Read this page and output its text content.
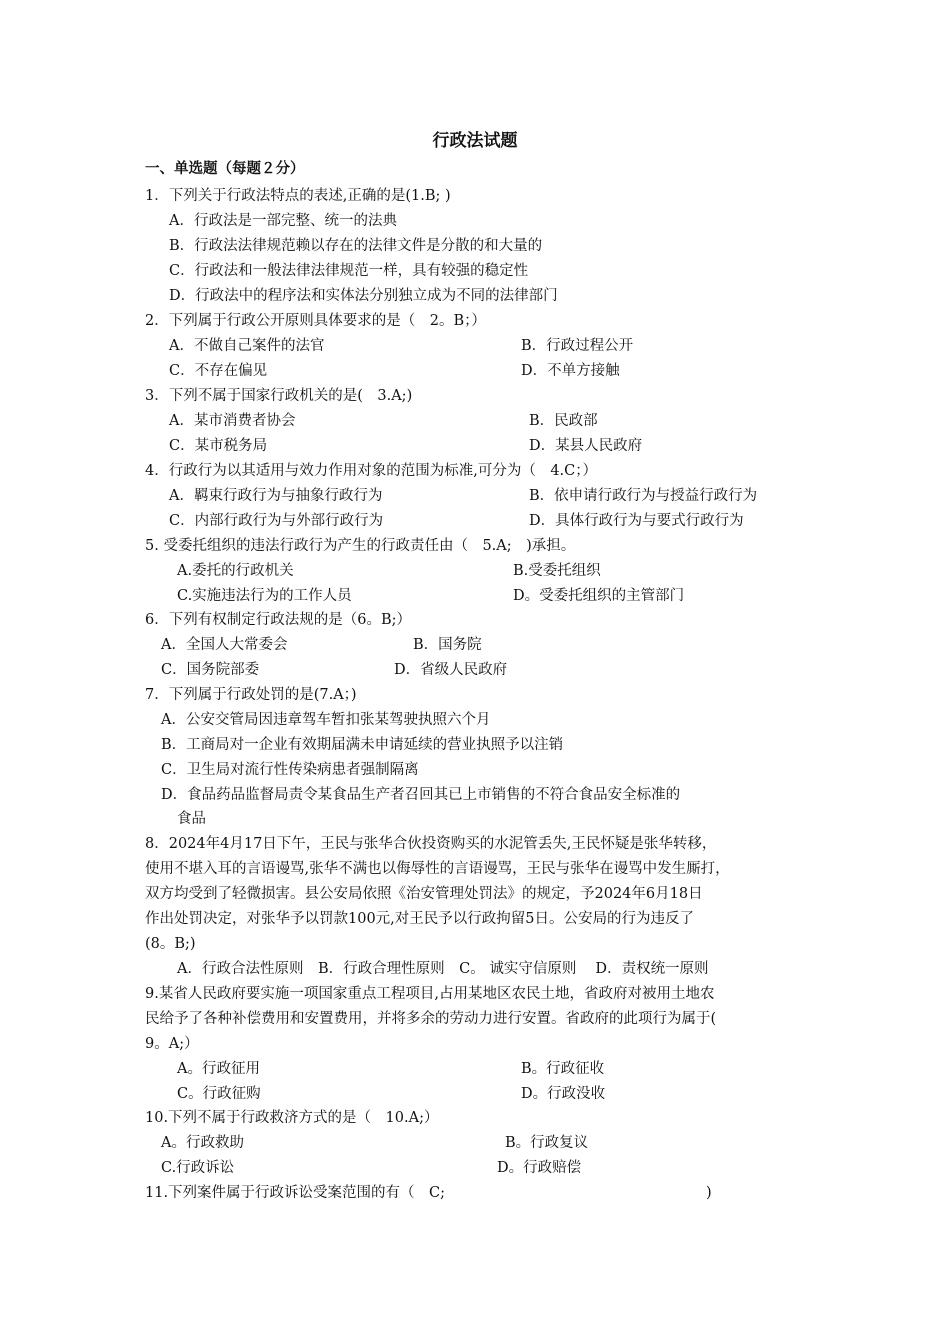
行政法试题
一、单选题（每题２分）
1．下列关于行政法特点的表述,正确的是(1.B; )
A．行政法是一部完整、统一的法典
B．行政法法律规范赖以存在的法律文件是分散的和大量的
C．行政法和一般法律法律规范一样，具有较强的稳定性
D．行政法中的程序法和实体法分别独立成为不同的法律部门
2．下列属于行政公开原则具体要求的是（　2。B；）
A．不做自己案件的法官	B．行政过程公开
C．不存在偏见	D．不单方接触
3．下列不属于国家行政机关的是(　3.A;)
A．某市消费者协会	B．民政部
C．某市税务局	D．某县人民政府
4．行政行为以其适用与效力作用对象的范围为标准,可分为（　4.C；）
A．羁束行政行为与抽象行政行为	B．依申请行政行为与授益行政行为
C．内部行政行为与外部行政行为	D．具体行政行为与要式行政行为
5. 受委托组织的违法行政行为产生的行政责任由（　5.A;　)承担。
A.委托的行政机关	B.受委托组织
C.实施违法行为的工作人员	D。受委托组织的主管部门
6．下列有权制定行政法规的是（6。B;）
A．全国人大常委会	B．国务院
C．国务院部委	D．省级人民政府
7．下列属于行政处罚的是(7.A；)
A．公安交管局因违章驾车暂扣张某驾驶执照六个月
B．工商局对一企业有效期届满未申请延续的营业执照予以注销
C．卫生局对流行性传染病患者强制隔离
D．食品药品监督局责令某食品生产者召回其已上市销售的不符合食品安全标准的
食品
8．2024年4月17日下午，王民与张华合伙投资购买的水泥管丢失,王民怀疑是张华转移，
使用不堪入耳的言语谩骂,张华不满也以侮辱性的言语谩骂，王民与张华在谩骂中发生厮打，
双方均受到了轻微损害。县公安局依照《治安管理处罚法》的规定，予2024年6月18日
作出处罚决定，对张华予以罚款100元,对王民予以行政拘留5日。公安局的行为违反了
(8。B;)
A．行政合法性原则　B．行政合理性原则　C。 诚实守信原则　 D．责权统一原则
9.某省人民政府要实施一项国家重点工程项目,占用某地区农民土地，省政府对被用土地农
民给予了各种补偿费用和安置费用，并将多余的劳动力进行安置。省政府的此项行为属于(
9。A;）
A。行政征用	B。行政征收
C。行政征购	D。行政没收
10.下列不属于行政救济方式的是（　10.A;）
A。行政救助	B。行政复议
C.行政诉讼	D。行政赔偿
11.下列案件属于行政诉讼受案范围的有（　C;	)
